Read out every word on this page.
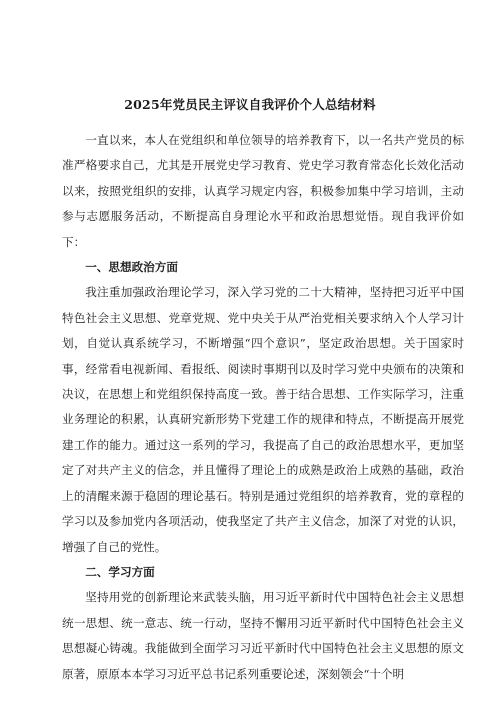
2025年党员民主评议自我评价个人总结材料

一直以来，本人在党组织和单位领导的培养教育下，以一名共产党员的标准严格要求自己，尤其是开展党史学习教育、党史学习教育常态化长效化活动以来，按照党组织的安排，认真学习规定内容，积极参加集中学习培训，主动参与志愿服务活动，不断提高自身理论水平和政治思想觉悟。现自我评价如下：

一、思想政治方面

我注重加强政治理论学习，深入学习党的二十大精神，坚持把习近平中国特色社会主义思想、党章党规、党中央关于从严治党相关要求纳入个人学习计划，自觉认真系统学习，不断增强“四个意识”，坚定政治思想。关于国家时事，经常看电视新闻、看报纸、阅读时事期刊以及时学习党中央颁布的决策和决议，在思想上和党组织保持高度一致。善于结合思想、工作实际学习，注重业务理论的积累，认真研究新形势下党建工作的规律和特点，不断提高开展党建工作的能力。通过这一系列的学习，我提高了自己的政治思想水平，更加坚定了对共产主义的信念，并且懂得了理论上的成熟是政治上成熟的基础，政治上的清醒来源于稳固的理论基石。特别是通过党组织的培养教育，党的章程的学习以及参加党内各项活动，使我坚定了共产主义信念，加深了对党的认识，增强了自己的党性。

二、学习方面

坚持用党的创新理论来武装头脑，用习近平新时代中国特色社会主义思想统一思想、统一意志、统一行动，坚持不懈用习近平新时代中国特色社会主义思想凝心铸魂。我能做到全面学习习近平新时代中国特色社会主义思想的原文原著，原原本本学习习近平总书记系列重要论述，深刻领会“十个明
